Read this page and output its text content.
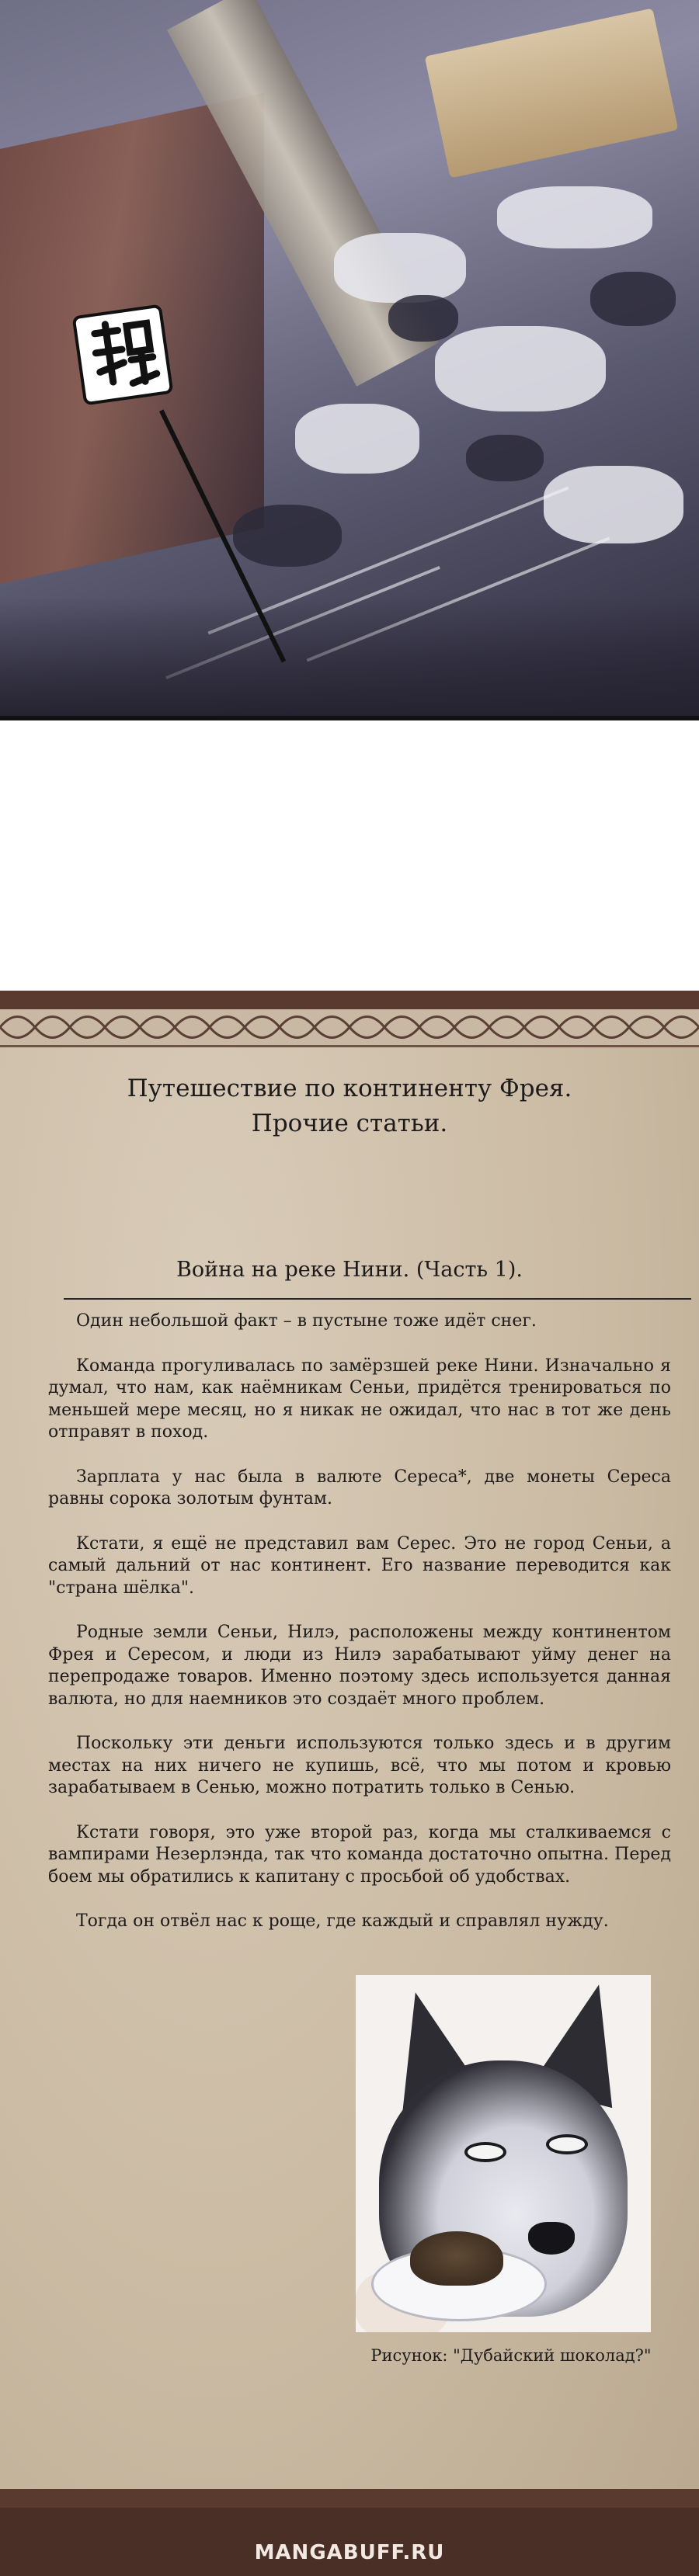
Путешествие по континенту Фрея.
Прочие статьи.
Война на реке Нини. (Часть 1).

Один небольшой факт – в пустыне тоже идёт снег.

Команда прогуливалась по замёрзшей реке Нини. Изначально я думал, что нам, как наёмникам Сеньи, придётся тренироваться по меньшей мере месяц, но я никак не ожидал, что нас в тот же день отправят в поход.

Зарплата у нас была в валюте Сереса*, две монеты Сереса равны сорока золотым фунтам.

Кстати, я ещё не представил вам Серес. Это не город Сеньи, а самый дальний от нас континент. Его название переводится как "страна шёлка".

Родные земли Сеньи, Нилэ, расположены между континентом Фрея и Сересом, и люди из Нилэ зарабатывают уйму денег на перепродаже товаров. Именно поэтому здесь используется данная валюта, но для наемников это создаёт много проблем.

Поскольку эти деньги используются только здесь и в другим местах на них ничего не купишь, всё, что мы потом и кровью зарабатываем в Сенью, можно потратить только в Сенью.

Кстати говоря, это уже второй раз, когда мы сталкиваемся с вампирами Незерлэнда, так что команда достаточно опытна. Перед боем мы обратились к капитану с просьбой об удобствах.

Тогда он отвёл нас к роще, где каждый и справлял нужду.

Рисунок: "Дубайский шоколад?"
MANGABUFF.RU
